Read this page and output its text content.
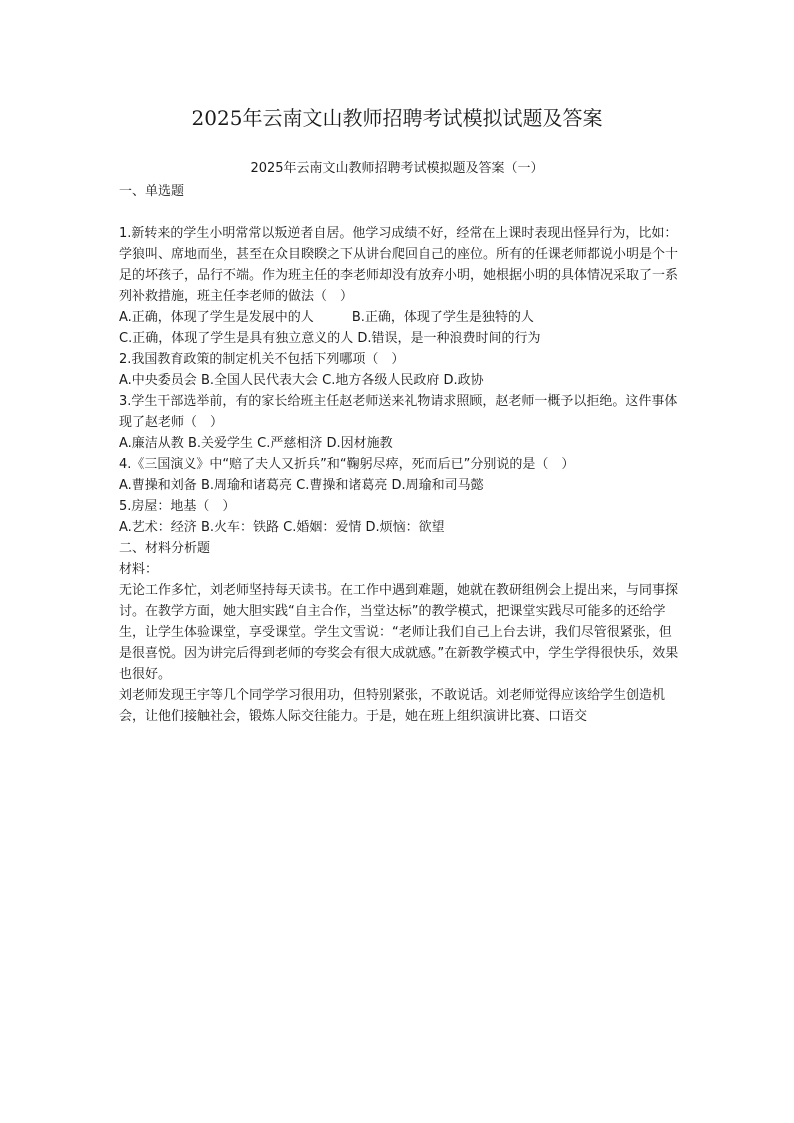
2025年云南文山教师招聘考试模拟试题及答案
2025年云南文山教师招聘考试模拟题及答案（一）

一、单选题

1.新转来的学生小明常常以叛逆者自居。他学习成绩不好，经常在上课时表现出怪异行为，比如：学狼叫、席地而坐，甚至在众目睽睽之下从讲台爬回自己的座位。所有的任课老师都说小明是个十足的坏孩子，品行不端。作为班主任的李老师却没有放弃小明，她根据小明的具体情况采取了一系列补救措施，班主任李老师的做法（　）

A.正确，体现了学生是发展中的人	B.正确，体现了学生是独特的人

C.正确，体现了学生是具有独立意义的人 D.错误，是一种浪费时间的行为

2.我国教育政策的制定机关不包括下列哪项（　）

A.中央委员会 B.全国人民代表大会 C.地方各级人民政府 D.政协

3.学生干部选举前，有的家长给班主任赵老师送来礼物请求照顾，赵老师一概予以拒绝。这件事体现了赵老师（　）

A.廉洁从教 B.关爱学生 C.严慈相济 D.因材施教

4.《三国演义》中“赔了夫人又折兵”和“鞠躬尽瘁，死而后已”分别说的是（　）

A.曹操和刘备 B.周瑜和诸葛亮 C.曹操和诸葛亮 D.周瑜和司马懿

5.房屋：地基（　）

A.艺术：经济 B.火车：铁路 C.婚姻：爱情 D.烦恼：欲望

二、材料分析题

材料：

无论工作多忙，刘老师坚持每天读书。在工作中遇到难题，她就在教研组例会上提出来，与同事探讨。在教学方面，她大胆实践“自主合作，当堂达标”的教学模式，把课堂实践尽可能多的还给学生，让学生体验课堂，享受课堂。学生文雪说：“老师让我们自己上台去讲，我们尽管很紧张，但是很喜悦。因为讲完后得到老师的夸奖会有很大成就感。”在新教学模式中，学生学得很快乐，效果也很好。

刘老师发现王宇等几个同学学习很用功，但特别紧张，不敢说话。刘老师觉得应该给学生创造机会，让他们接触社会，锻炼人际交往能力。于是，她在班上组织演讲比赛、口语交
